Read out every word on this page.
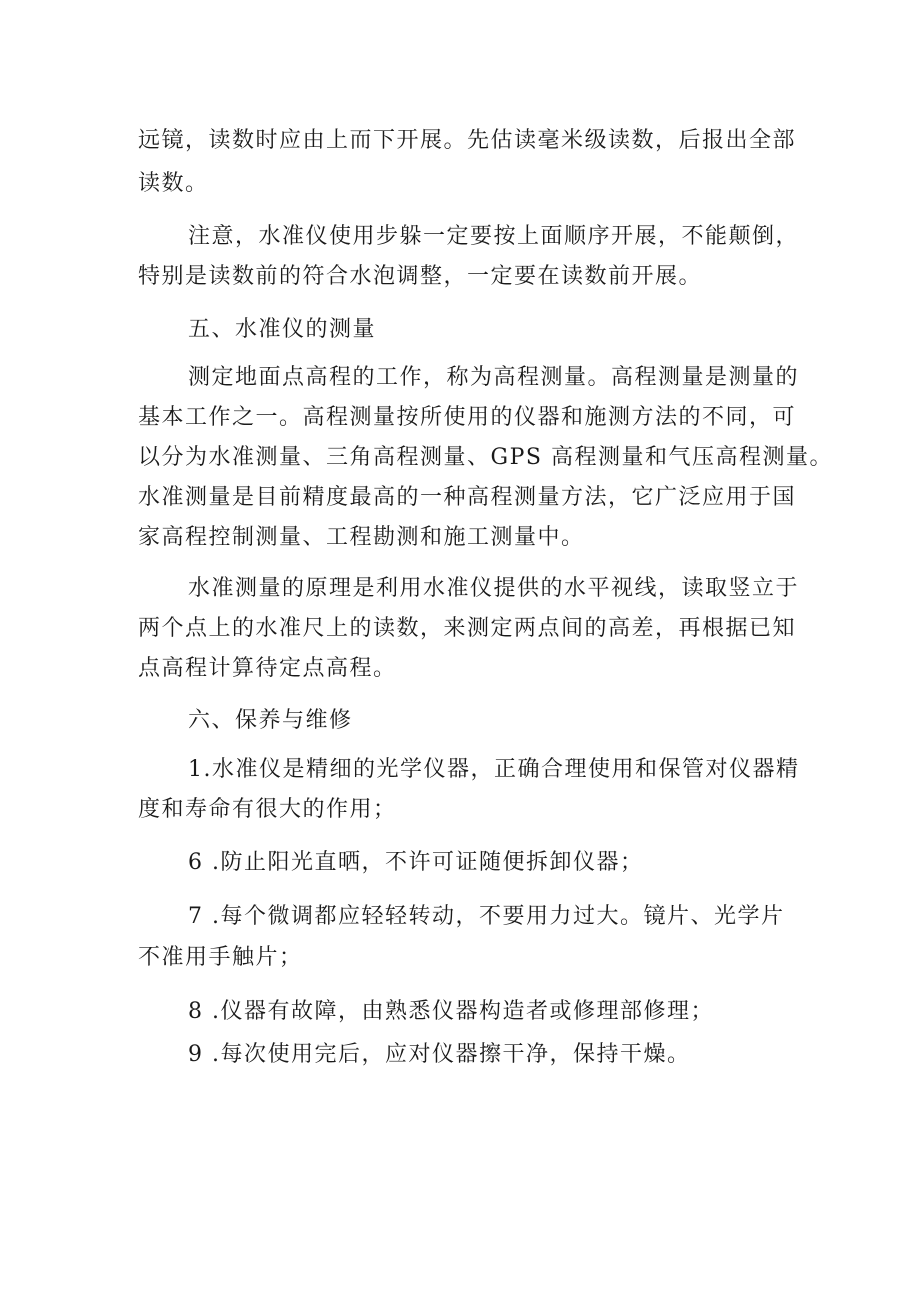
远镜，读数时应由上而下开展。先估读毫米级读数，后报出全部
读数。
注意，水准仪使用步躲一定要按上面顺序开展，不能颠倒，
特别是读数前的符合水泡调整，一定要在读数前开展。
五、水准仪的测量
测定地面点高程的工作，称为高程测量。高程测量是测量的
基本工作之一。高程测量按所使用的仪器和施测方法的不同，可
以分为水准测量、三角高程测量、GPS 高程测量和气压高程测量。
水准测量是目前精度最高的一种高程测量方法，它广泛应用于国
家高程控制测量、工程勘测和施工测量中。
水准测量的原理是利用水准仪提供的水平视线，读取竖立于
两个点上的水准尺上的读数，来测定两点间的高差，再根据已知
点高程计算待定点高程。
六、保养与维修
1.水准仪是精细的光学仪器，正确合理使用和保管对仪器精
度和寿命有很大的作用；
6 .防止阳光直晒，不许可证随便拆卸仪器；
7 .每个微调都应轻轻转动，不要用力过大。镜片、光学片
不准用手触片；
8 .仪器有故障，由熟悉仪器构造者或修理部修理；
9 .每次使用完后，应对仪器擦干净，保持干燥。
